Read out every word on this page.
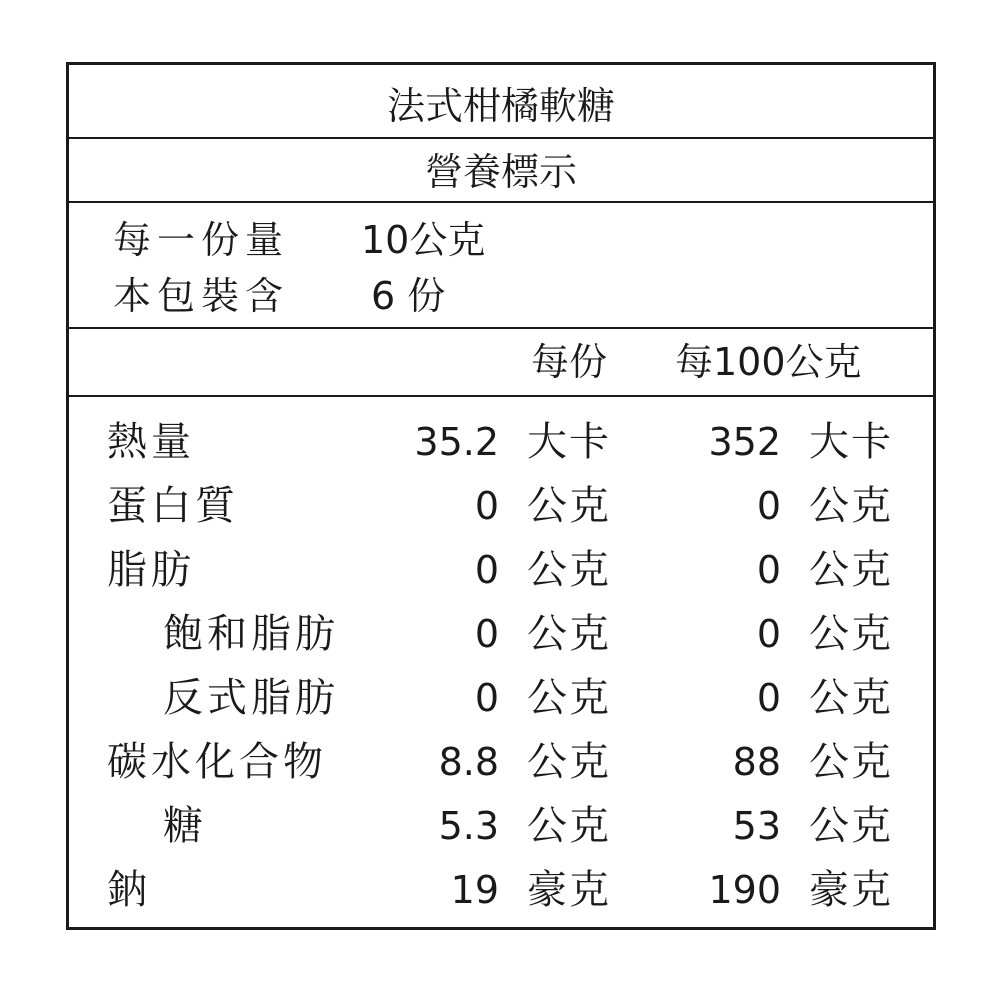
法式柑橘軟糖
營養標示
每一份量 10公克
本包裝含 6 份
每份 每100公克
熱量	35.2 大卡	352 大卡
蛋白質	0 公克	0 公克
脂肪	0 公克	0 公克
飽和脂肪	0 公克	0 公克
反式脂肪	0 公克	0 公克
碳水化合物	8.8 公克	88 公克
糖	5.3 公克	53 公克
鈉	19 豪克	190 豪克
